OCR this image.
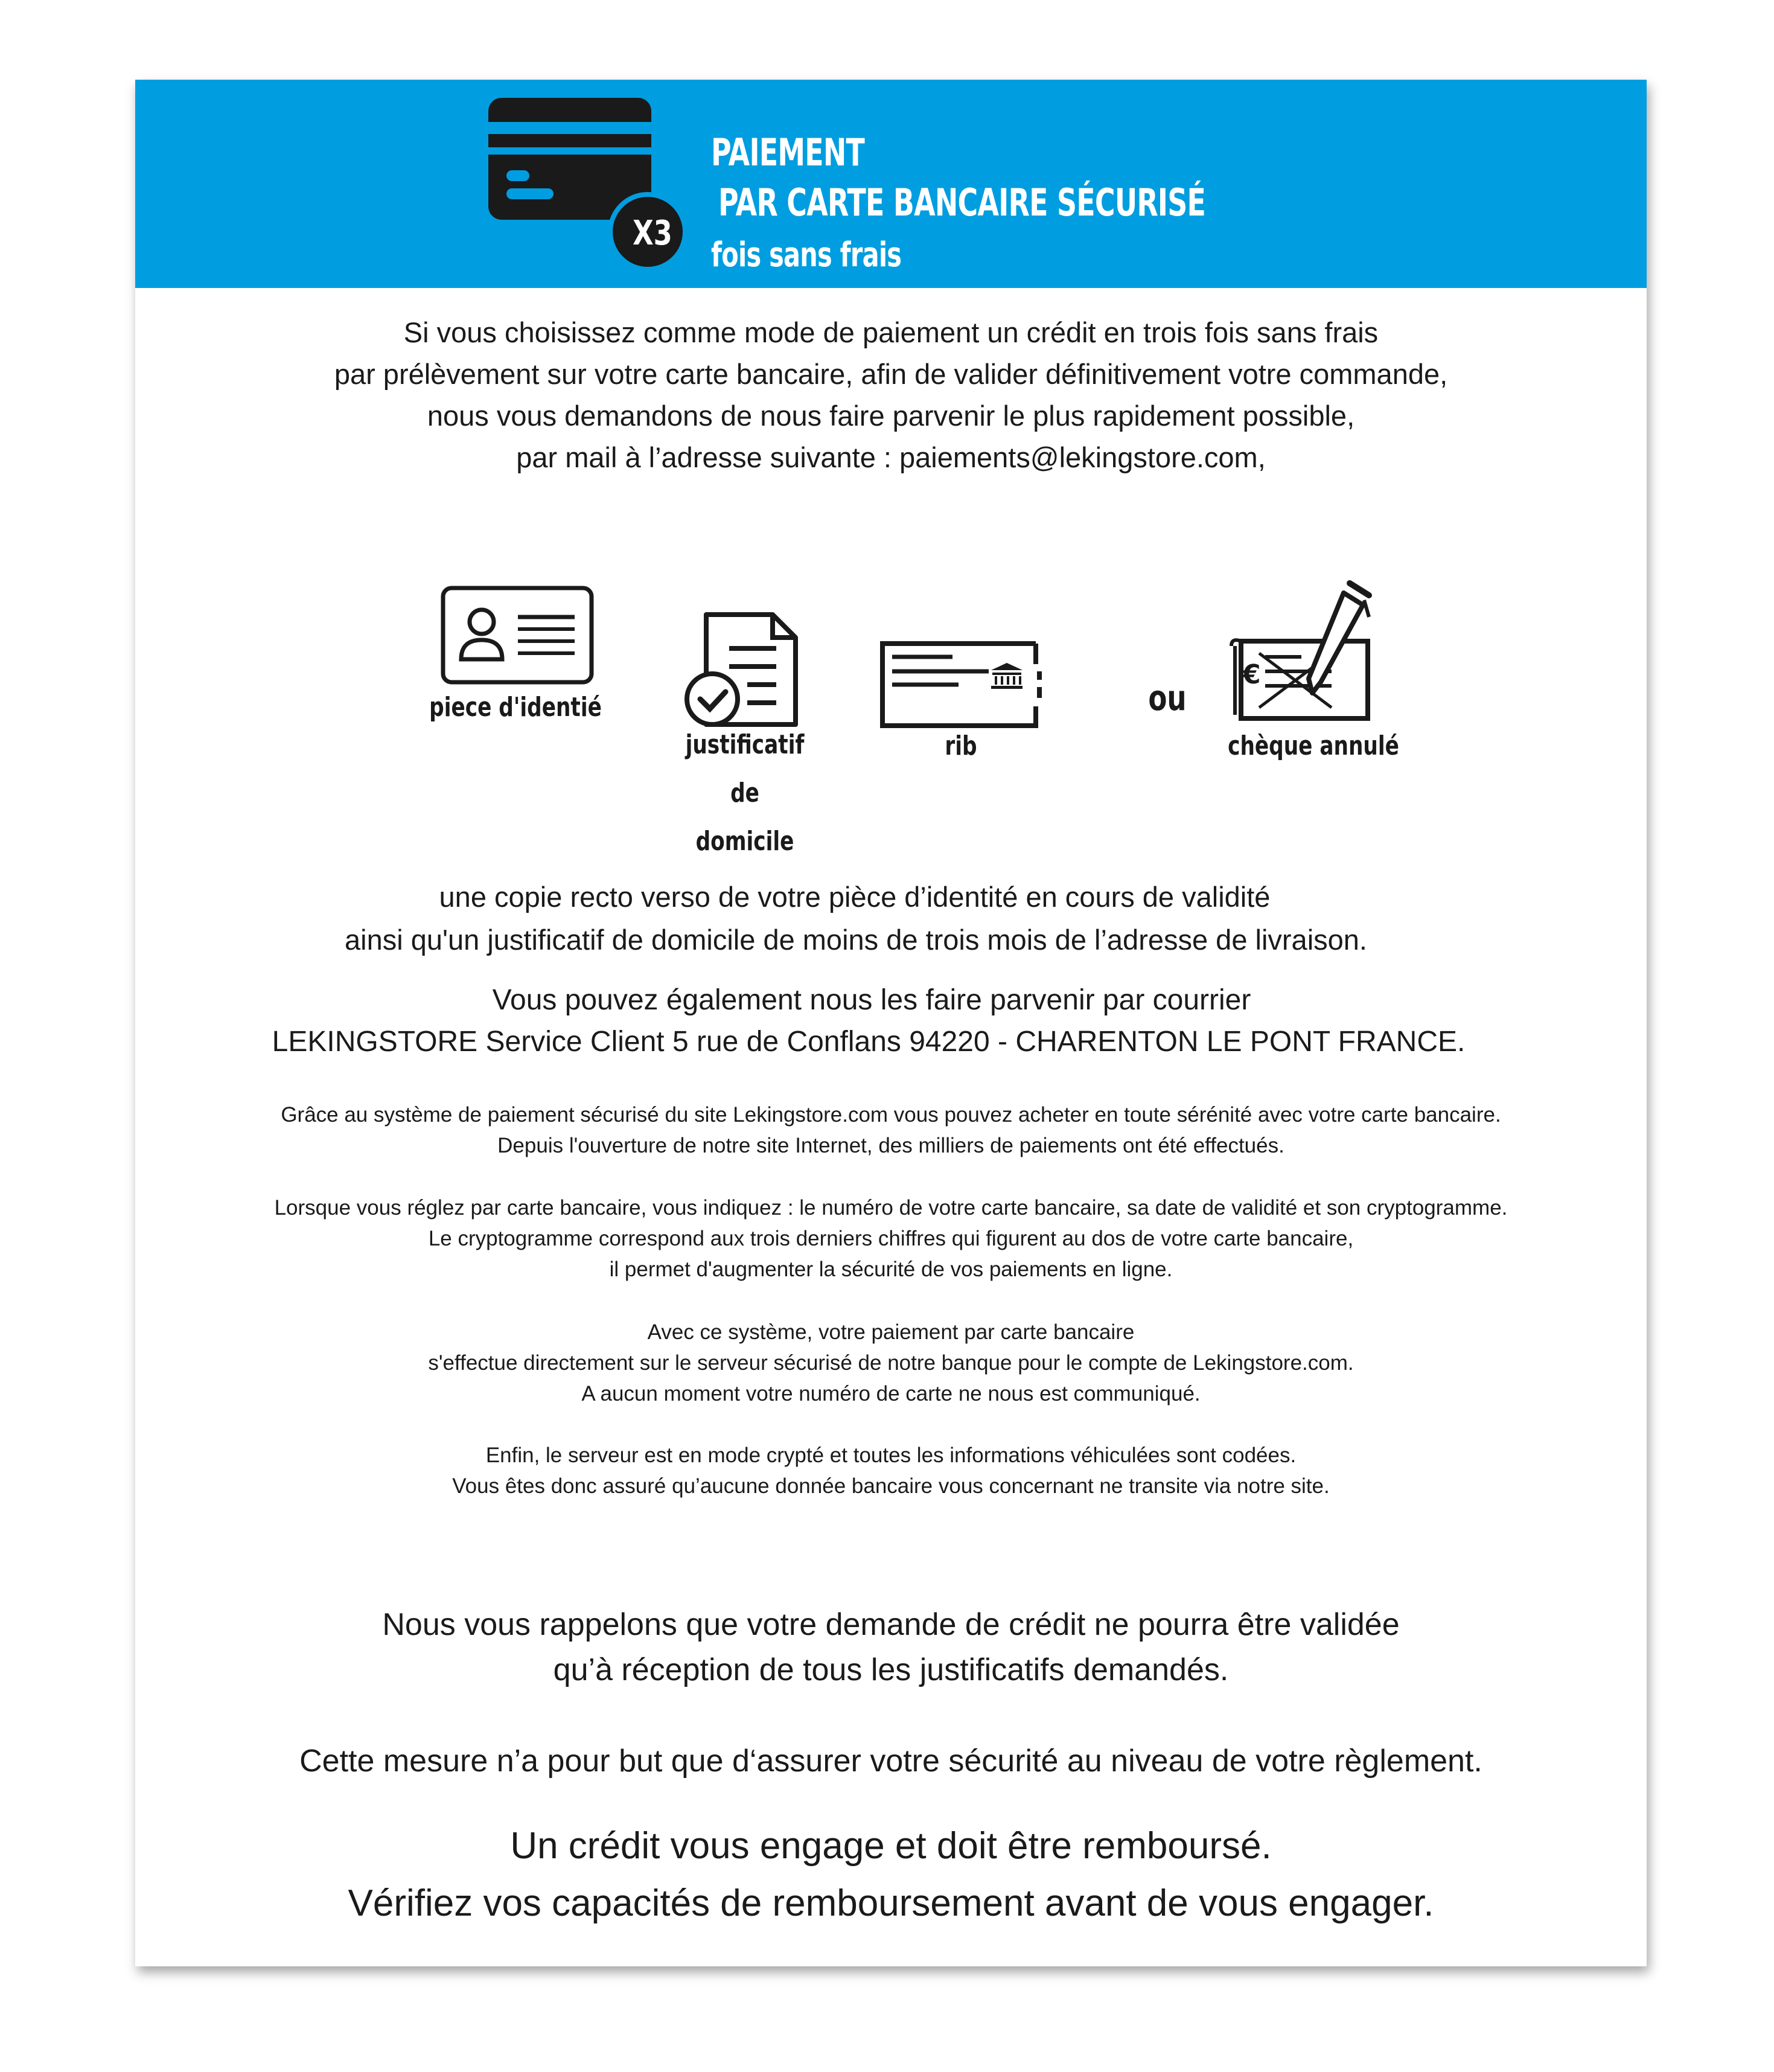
X3
PAIEMENT
PAR CARTE BANCAIRE SÉCURISÉ
fois sans frais
Si vous choisissez comme mode de paiement un crédit en trois fois sans frais
par prélèvement sur votre carte bancaire, afin de valider définitivement votre commande,
nous vous demandons de nous faire parvenir le plus rapidement possible,
par mail à l’adresse suivante : paiements@lekingstore.com,
piece d'identié
justificatif
de
domicile
rib
ou
€
chèque annulé
une copie recto verso de votre pièce d’identité en cours de validité
ainsi qu'un justificatif de domicile de moins de trois mois de l’adresse de livraison.
Vous pouvez également nous les faire parvenir par courrier
LEKINGSTORE Service Client 5 rue de Conflans 94220 - CHARENTON LE PONT FRANCE.
Grâce au système de paiement sécurisé du site Lekingstore.com vous pouvez acheter en toute sérénité avec votre carte bancaire.
Depuis l'ouverture de notre site Internet, des milliers de paiements ont été effectués.
Lorsque vous réglez par carte bancaire, vous indiquez : le numéro de votre carte bancaire, sa date de validité et son cryptogramme.
Le cryptogramme correspond aux trois derniers chiffres qui figurent au dos de votre carte bancaire,
il permet d'augmenter la sécurité de vos paiements en ligne.
Avec ce système, votre paiement par carte bancaire
s'effectue directement sur le serveur sécurisé de notre banque pour le compte de Lekingstore.com.
A aucun moment votre numéro de carte ne nous est communiqué.
Enfin, le serveur est en mode crypté et toutes les informations véhiculées sont codées.
Vous êtes donc assuré qu’aucune donnée bancaire vous concernant ne transite via notre site.
Nous vous rappelons que votre demande de crédit ne pourra être validée
qu’à réception de tous les justificatifs demandés.
Cette mesure n’a pour but que d‘assurer votre sécurité au niveau de votre règlement.
Un crédit vous engage et doit être remboursé.
Vérifiez vos capacités de remboursement avant de vous engager.
